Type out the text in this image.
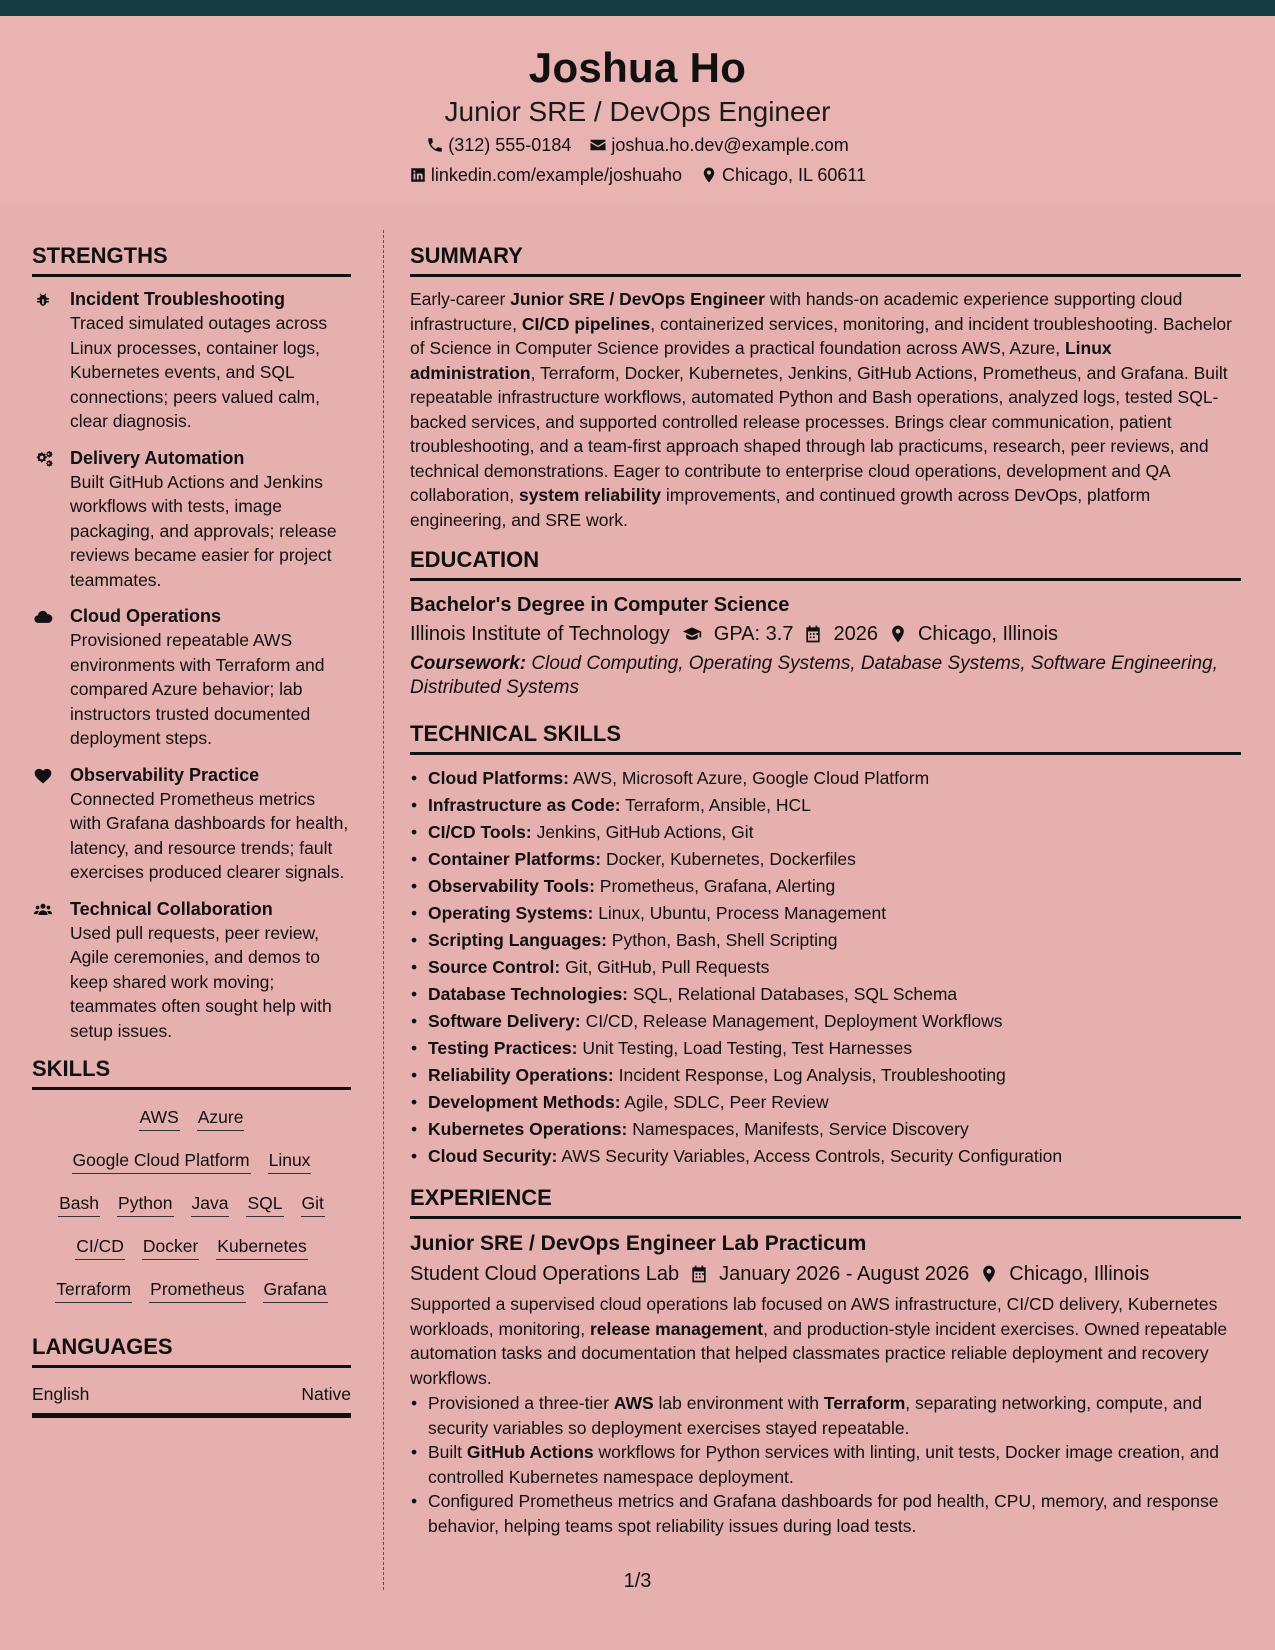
Joshua Ho
Junior SRE / DevOps Engineer
(312) 555-0184 joshua.ho.dev@example.com
linkedin.com/example/joshuaho Chicago, IL 60611
STRENGTHS
Incident Troubleshooting
Traced simulated outages across Linux processes, container logs, Kubernetes events, and SQL connections; peers valued calm, clear diagnosis.
Delivery Automation
Built GitHub Actions and Jenkins workflows with tests, image packaging, and approvals; release reviews became easier for project teammates.
Cloud Operations
Provisioned repeatable AWS environments with Terraform and compared Azure behavior; lab instructors trusted documented deployment steps.
Observability Practice
Connected Prometheus metrics with Grafana dashboards for health, latency, and resource trends; fault exercises produced clearer signals.
Technical Collaboration
Used pull requests, peer review, Agile ceremonies, and demos to keep shared work moving; teammates often sought help with setup issues.
SKILLS
AWS Azure
Google Cloud Platform Linux
Bash Python Java SQL Git
CI/CD Docker Kubernetes
Terraform Prometheus Grafana
LANGUAGES
English	Native
SUMMARY

Early-career Junior SRE / DevOps Engineer with hands-on academic experience supporting cloud infrastructure, CI/CD pipelines, containerized services, monitoring, and incident troubleshooting. Bachelor of Science in Computer Science provides a practical foundation across AWS, Azure, Linux administration, Terraform, Docker, Kubernetes, Jenkins, GitHub Actions, Prometheus, and Grafana. Built repeatable infrastructure workflows, automated Python and Bash operations, analyzed logs, tested SQL-backed services, and supported controlled release processes. Brings clear communication, patient troubleshooting, and a team-first approach shaped through lab practicums, research, peer reviews, and technical demonstrations. Eager to contribute to enterprise cloud operations, development and QA collaboration, system reliability improvements, and continued growth across DevOps, platform engineering, and SRE work.

EDUCATION
Bachelor's Degree in Computer Science
Illinois Institute of Technology GPA: 3.7 2026 Chicago, Illinois
Coursework: Cloud Computing, Operating Systems, Database Systems, Software Engineering, Distributed Systems
TECHNICAL SKILLS
• Cloud Platforms: AWS, Microsoft Azure, Google Cloud Platform
• Infrastructure as Code: Terraform, Ansible, HCL
• CI/CD Tools: Jenkins, GitHub Actions, Git
• Container Platforms: Docker, Kubernetes, Dockerfiles
• Observability Tools: Prometheus, Grafana, Alerting
• Operating Systems: Linux, Ubuntu, Process Management
• Scripting Languages: Python, Bash, Shell Scripting
• Source Control: Git, GitHub, Pull Requests
• Database Technologies: SQL, Relational Databases, SQL Schema
• Software Delivery: CI/CD, Release Management, Deployment Workflows
• Testing Practices: Unit Testing, Load Testing, Test Harnesses
• Reliability Operations: Incident Response, Log Analysis, Troubleshooting
• Development Methods: Agile, SDLC, Peer Review
• Kubernetes Operations: Namespaces, Manifests, Service Discovery
• Cloud Security: AWS Security Variables, Access Controls, Security Configuration
EXPERIENCE
Junior SRE / DevOps Engineer Lab Practicum
Student Cloud Operations Lab January 2026 - August 2026 Chicago, Illinois

Supported a supervised cloud operations lab focused on AWS infrastructure, CI/CD delivery, Kubernetes workloads, monitoring, release management, and production-style incident exercises. Owned repeatable automation tasks and documentation that helped classmates practice reliable deployment and recovery workflows.

• Provisioned a three-tier AWS lab environment with Terraform, separating networking, compute, and security variables so deployment exercises stayed repeatable.
• Built GitHub Actions workflows for Python services with linting, unit tests, Docker image creation, and controlled Kubernetes namespace deployment.
• Configured Prometheus metrics and Grafana dashboards for pod health, CPU, memory, and response behavior, helping teams spot reliability issues during load tests.
1/3
